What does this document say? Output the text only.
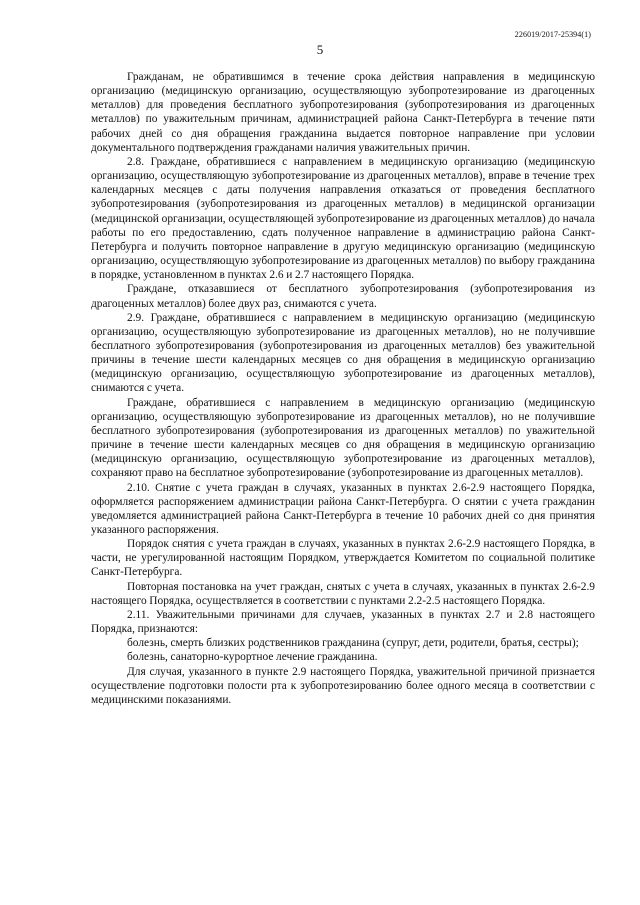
226019/2017-25394(1)
5

Гражданам, не обратившимся в течение срока действия направления в медицинскую организацию (медицинскую организацию, осуществляющую зубопротезирование из драгоценных металлов) для проведения бесплатного зубопротезирования (зубопротезирования из драгоценных металлов) по уважительным причинам, администрацией района Санкт-Петербурга в течение пяти рабочих дней со дня обращения гражданина выдается повторное направление при условии документального подтверждения гражданами наличия уважительных причин.

2.8. Граждане, обратившиеся с направлением в медицинскую организацию (медицинскую организацию, осуществляющую зубопротезирование из драгоценных металлов), вправе в течение трех календарных месяцев с даты получения направления отказаться от проведения бесплатного зубопротезирования (зубопротезирования из драгоценных металлов) в медицинской организации (медицинской организации, осуществляющей зубопротезирование из драгоценных металлов) до начала работы по его предоставлению, сдать полученное направление в администрацию района Санкт-Петербурга и получить повторное направление в другую медицинскую организацию (медицинскую организацию, осуществляющую зубопротезирование из драгоценных металлов) по выбору гражданина в порядке, установленном в пунктах 2.6 и 2.7 настоящего Порядка.

Граждане, отказавшиеся от бесплатного зубопротезирования (зубопротезирования из драгоценных металлов) более двух раз, снимаются с учета.

2.9. Граждане, обратившиеся с направлением в медицинскую организацию (медицинскую организацию, осуществляющую зубопротезирование из драгоценных металлов), но не получившие бесплатного зубопротезирования (зубопротезирования из драгоценных металлов) без уважительной причины в течение шести календарных месяцев со дня обращения в медицинскую организацию (медицинскую организацию, осуществляющую зубопротезирование из драгоценных металлов), снимаются с учета.

Граждане, обратившиеся с направлением в медицинскую организацию (медицинскую организацию, осуществляющую зубопротезирование из драгоценных металлов), но не получившие бесплатного зубопротезирования (зубопротезирования из драгоценных металлов) по уважительной причине в течение шести календарных месяцев со дня обращения в медицинскую организацию (медицинскую организацию, осуществляющую зубопротезирование из драгоценных металлов), сохраняют право на бесплатное зубопротезирование (зубопротезирование из драгоценных металлов).

2.10. Снятие с учета граждан в случаях, указанных в пунктах 2.6-2.9 настоящего Порядка, оформляется распоряжением администрации района Санкт-Петербурга. О снятии с учета гражданин уведомляется администрацией района Санкт-Петербурга в течение 10 рабочих дней со дня принятия указанного распоряжения.

Порядок снятия с учета граждан в случаях, указанных в пунктах 2.6-2.9 настоящего Порядка, в части, не урегулированной настоящим Порядком, утверждается Комитетом по социальной политике Санкт-Петербурга.

Повторная постановка на учет граждан, снятых с учета в случаях, указанных в пунктах 2.6-2.9 настоящего Порядка, осуществляется в соответствии с пунктами 2.2-2.5 настоящего Порядка.

2.11. Уважительными причинами для случаев, указанных в пунктах 2.7 и 2.8 настоящего Порядка, признаются:

болезнь, смерть близких родственников гражданина (супруг, дети, родители, братья, сестры);

болезнь, санаторно-курортное лечение гражданина.

Для случая, указанного в пункте 2.9 настоящего Порядка, уважительной причиной признается осуществление подготовки полости рта к зубопротезированию более одного месяца в соответствии с медицинскими показаниями.
